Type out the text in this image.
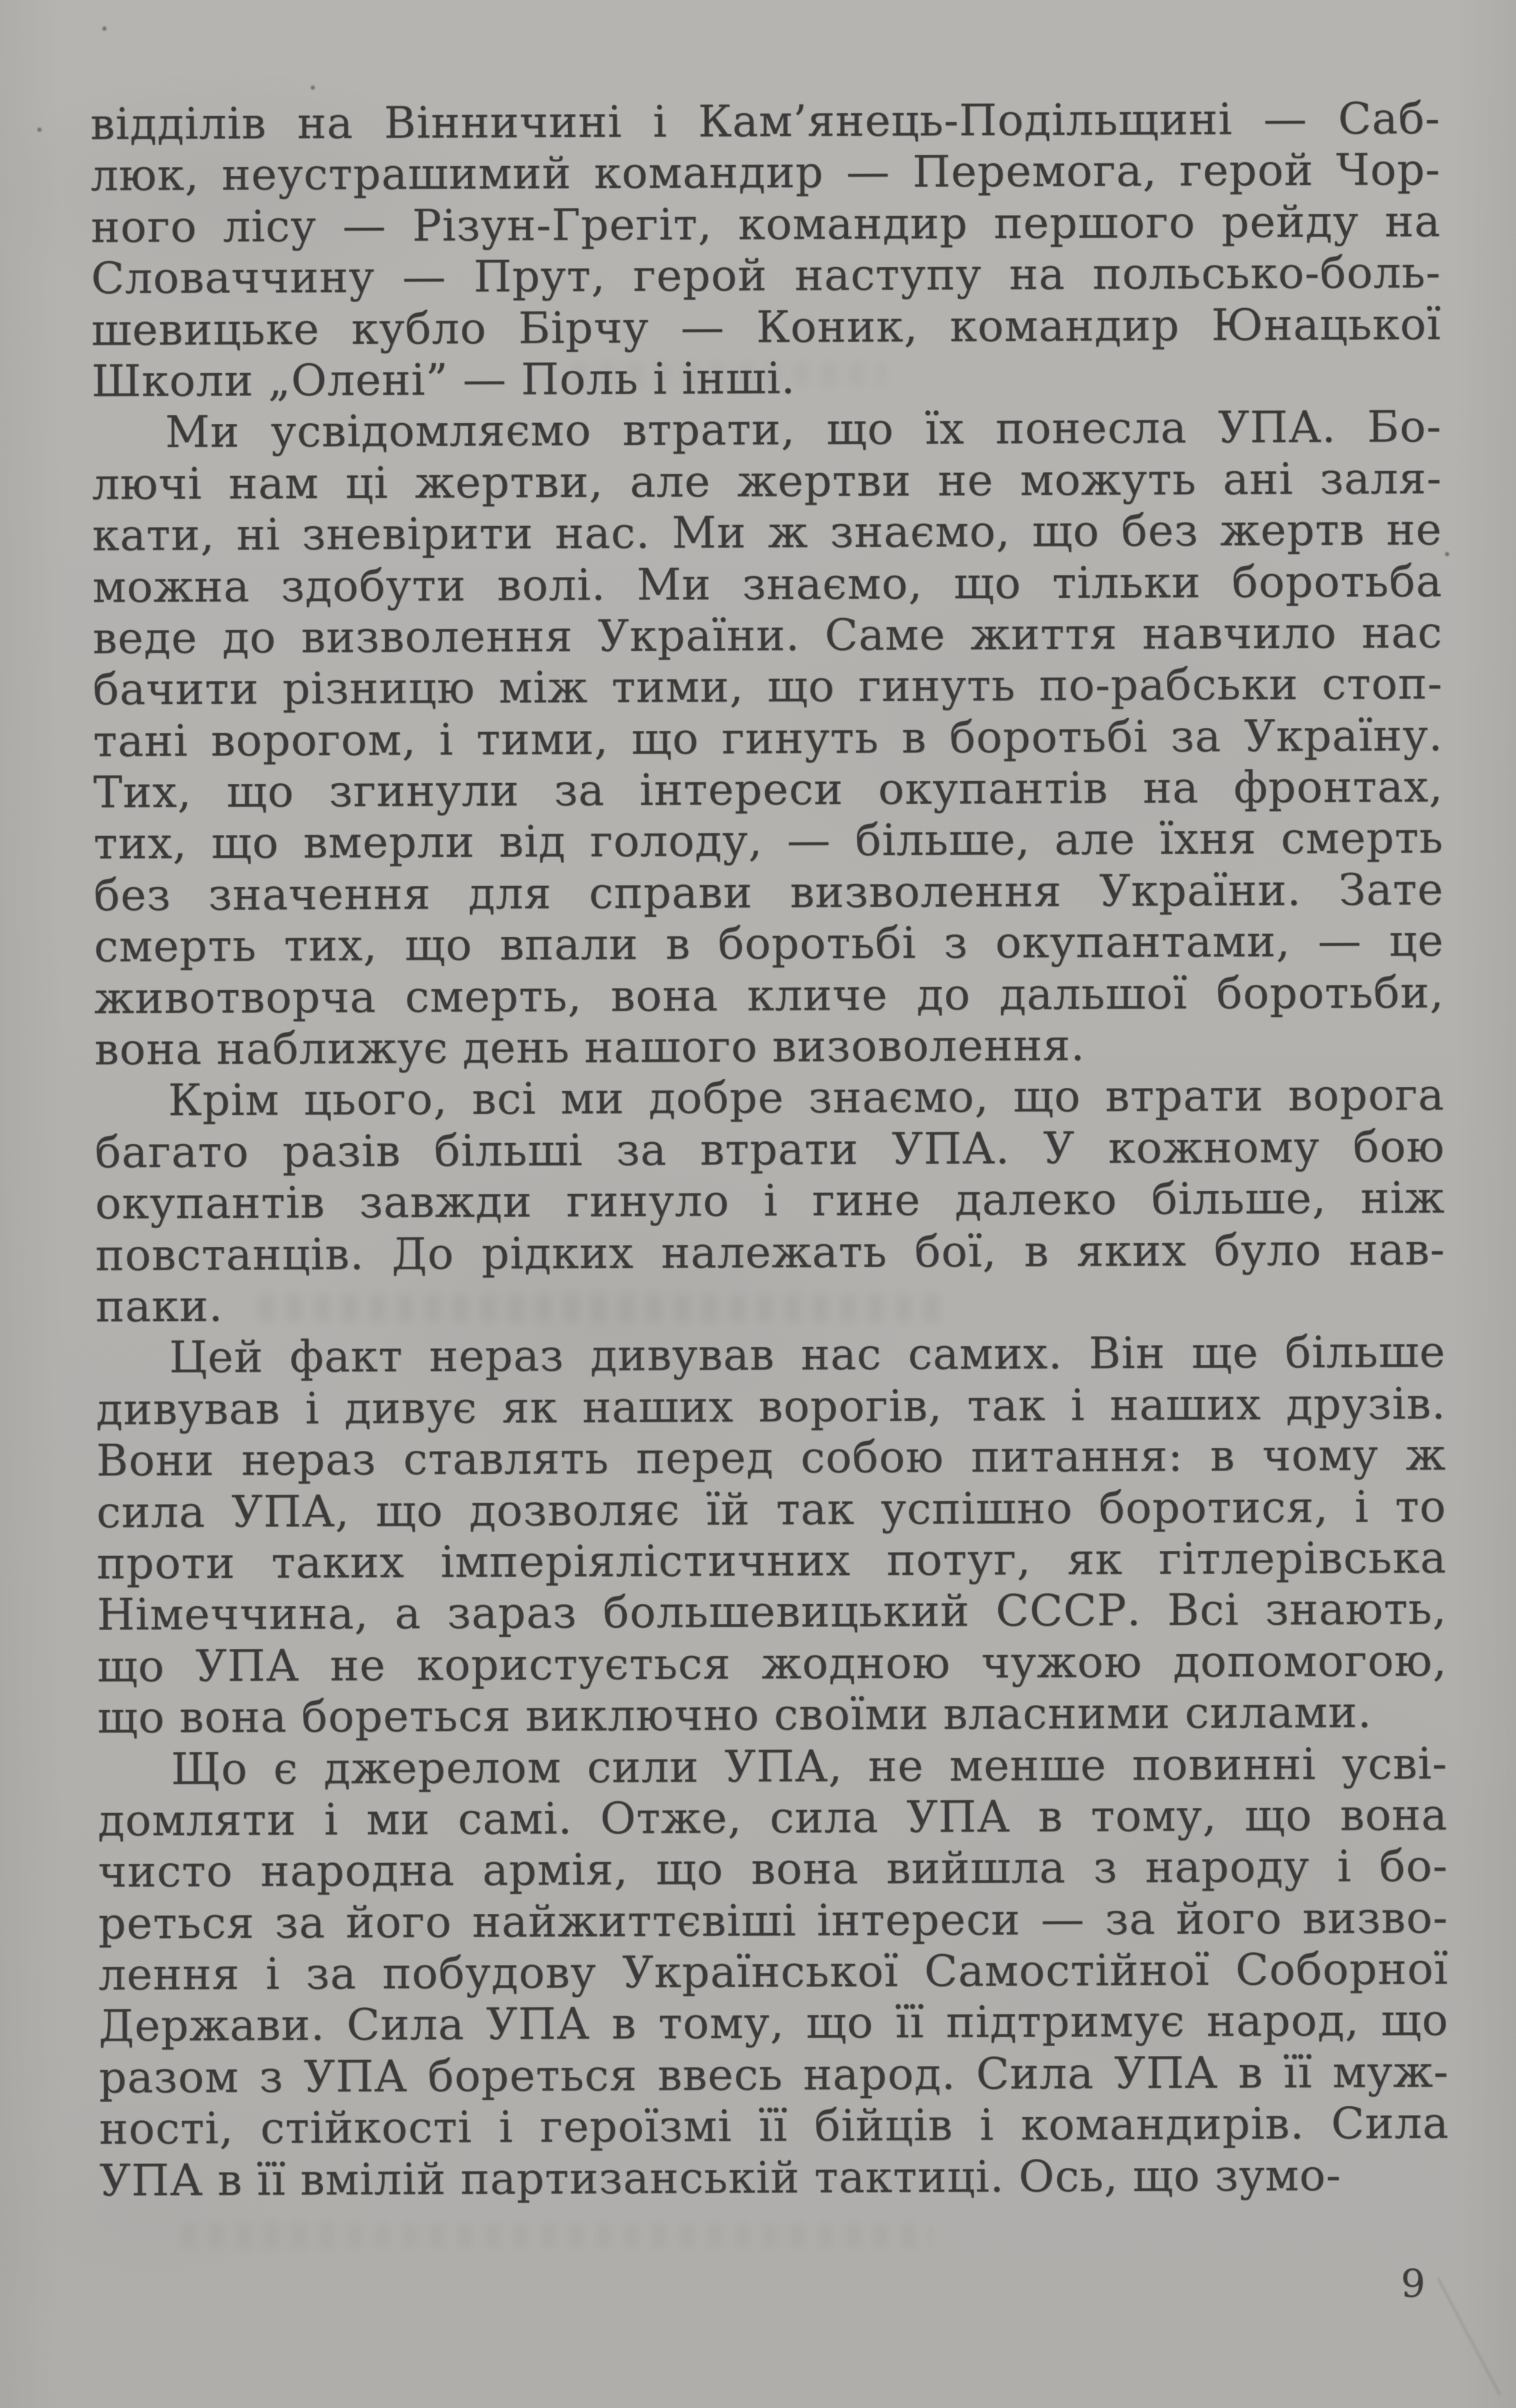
відділів на Вінничині і Кам’янець-Подільщині — Саб-
люк, неустрашимий командир — Перемога, герой Чор-
ного лісу — Різун-Грегіт, командир першого рейду на
Словаччину — Прут, герой наступу на польсько-боль-
шевицьке кубло Бірчу — Коник, командир Юнацької
Школи „Олені” — Поль і інші.
Ми усвідомляємо втрати, що їх понесла УПА. Бо-
лючі нам ці жертви, але жертви не можуть ані заля-
кати, ні зневірити нас. Ми ж знаємо, що без жертв не
можна здобути волі. Ми знаємо, що тільки боротьба
веде до визволення України. Саме життя навчило нас
бачити різницю між тими, що гинуть по-рабськи стоп-
тані ворогом, і тими, що гинуть в боротьбі за Україну.
Тих, що згинули за інтереси окупантів на фронтах,
тих, що вмерли від голоду, — більше, але їхня смерть
без значення для справи визволення України. Зате
смерть тих, що впали в боротьбі з окупантами, — це
животворча смерть, вона кличе до дальшої боротьби,
вона наближує день нашого визоволення.
Крім цього, всі ми добре знаємо, що втрати ворога
багато разів більші за втрати УПА. У кожному бою
окупантів завжди гинуло і гине далеко більше, ніж
повстанців. До рідких належать бої, в яких було нав-
паки.
Цей факт нераз дивував нас самих. Він ще більше
дивував і дивує як наших ворогів, так і наших друзів.
Вони нераз ставлять перед собою питання: в чому ж
сила УПА, що дозволяє їй так успішно боротися, і то
проти таких імперіялістичних потуг, як гітлерівська
Німеччина, а зараз большевицький СССР. Всі знають,
що УПА не користується жодною чужою допомогою,
що вона бореться виключно своїми власними силами.
Що є джерелом сили УПА, не менше повинні усві-
домляти і ми самі. Отже, сила УПА в тому, що вона
чисто народна армія, що вона вийшла з народу і бо-
реться за його найжиттєвіші інтереси — за його визво-
лення і за побудову Української Самостійної Соборної
Держави. Сила УПА в тому, що її підтримує народ, що
разом з УПА бореться ввесь народ. Сила УПА в її муж-
ності, стійкості і героїзмі її бійців і командирів. Сила
УПА в її вмілій партизанській тактиці. Ось, що зумо-
9
